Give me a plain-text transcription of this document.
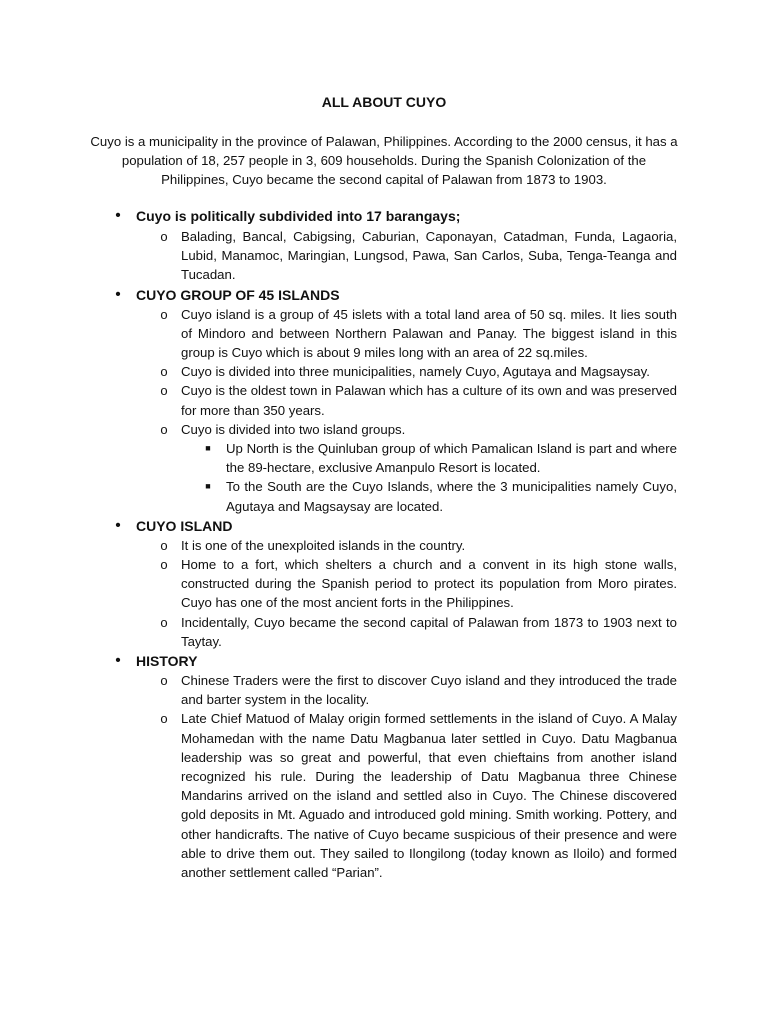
ALL ABOUT CUYO
Cuyo is a municipality in the province of Palawan, Philippines. According to the 2000 census, it has a population of 18, 257 people in 3, 609 households. During the Spanish Colonization of the Philippines, Cuyo became the second capital of Palawan from 1873 to 1903.
• Cuyo is politically subdivided into 17 barangays;
o Balading, Bancal, Cabigsing, Caburian, Caponayan, Catadman, Funda, Lagaoria, Lubid, Manamoc, Maringian, Lungsod, Pawa, San Carlos, Suba, Tenga-Teanga and Tucadan.
• CUYO GROUP OF 45 ISLANDS
o Cuyo island is a group of 45 islets with a total land area of 50 sq. miles. It lies south of Mindoro and between Northern Palawan and Panay. The biggest island in this group is Cuyo which is about 9 miles long with an area of 22 sq.miles.
o Cuyo is divided into three municipalities, namely Cuyo, Agutaya and Magsaysay.
o Cuyo is the oldest town in Palawan which has a culture of its own and was preserved for more than 350 years.
o Cuyo is divided into two island groups.
■ Up North is the Quinluban group of which Pamalican Island is part and where the 89-hectare, exclusive Amanpulo Resort is located.
■ To the South are the Cuyo Islands, where the 3 municipalities namely Cuyo, Agutaya and Magsaysay are located.
• CUYO ISLAND
o It is one of the unexploited islands in the country.
o Home to a fort, which shelters a church and a convent in its high stone walls, constructed during the Spanish period to protect its population from Moro pirates. Cuyo has one of the most ancient forts in the Philippines.
o Incidentally, Cuyo became the second capital of Palawan from 1873 to 1903 next to Taytay.
• HISTORY
o Chinese Traders were the first to discover Cuyo island and they introduced the trade and barter system in the locality.
o Late Chief Matuod of Malay origin formed settlements in the island of Cuyo. A Malay Mohamedan with the name Datu Magbanua later settled in Cuyo. Datu Magbanua leadership was so great and powerful, that even chieftains from another island recognized his rule. During the leadership of Datu Magbanua three Chinese Mandarins arrived on the island and settled also in Cuyo. The Chinese discovered gold deposits in Mt. Aguado and introduced gold mining. Smith working. Pottery, and other handicrafts. The native of Cuyo became suspicious of their presence and were able to drive them out. They sailed to Ilongilong (today known as Iloilo) and formed another settlement called “Parian”.
